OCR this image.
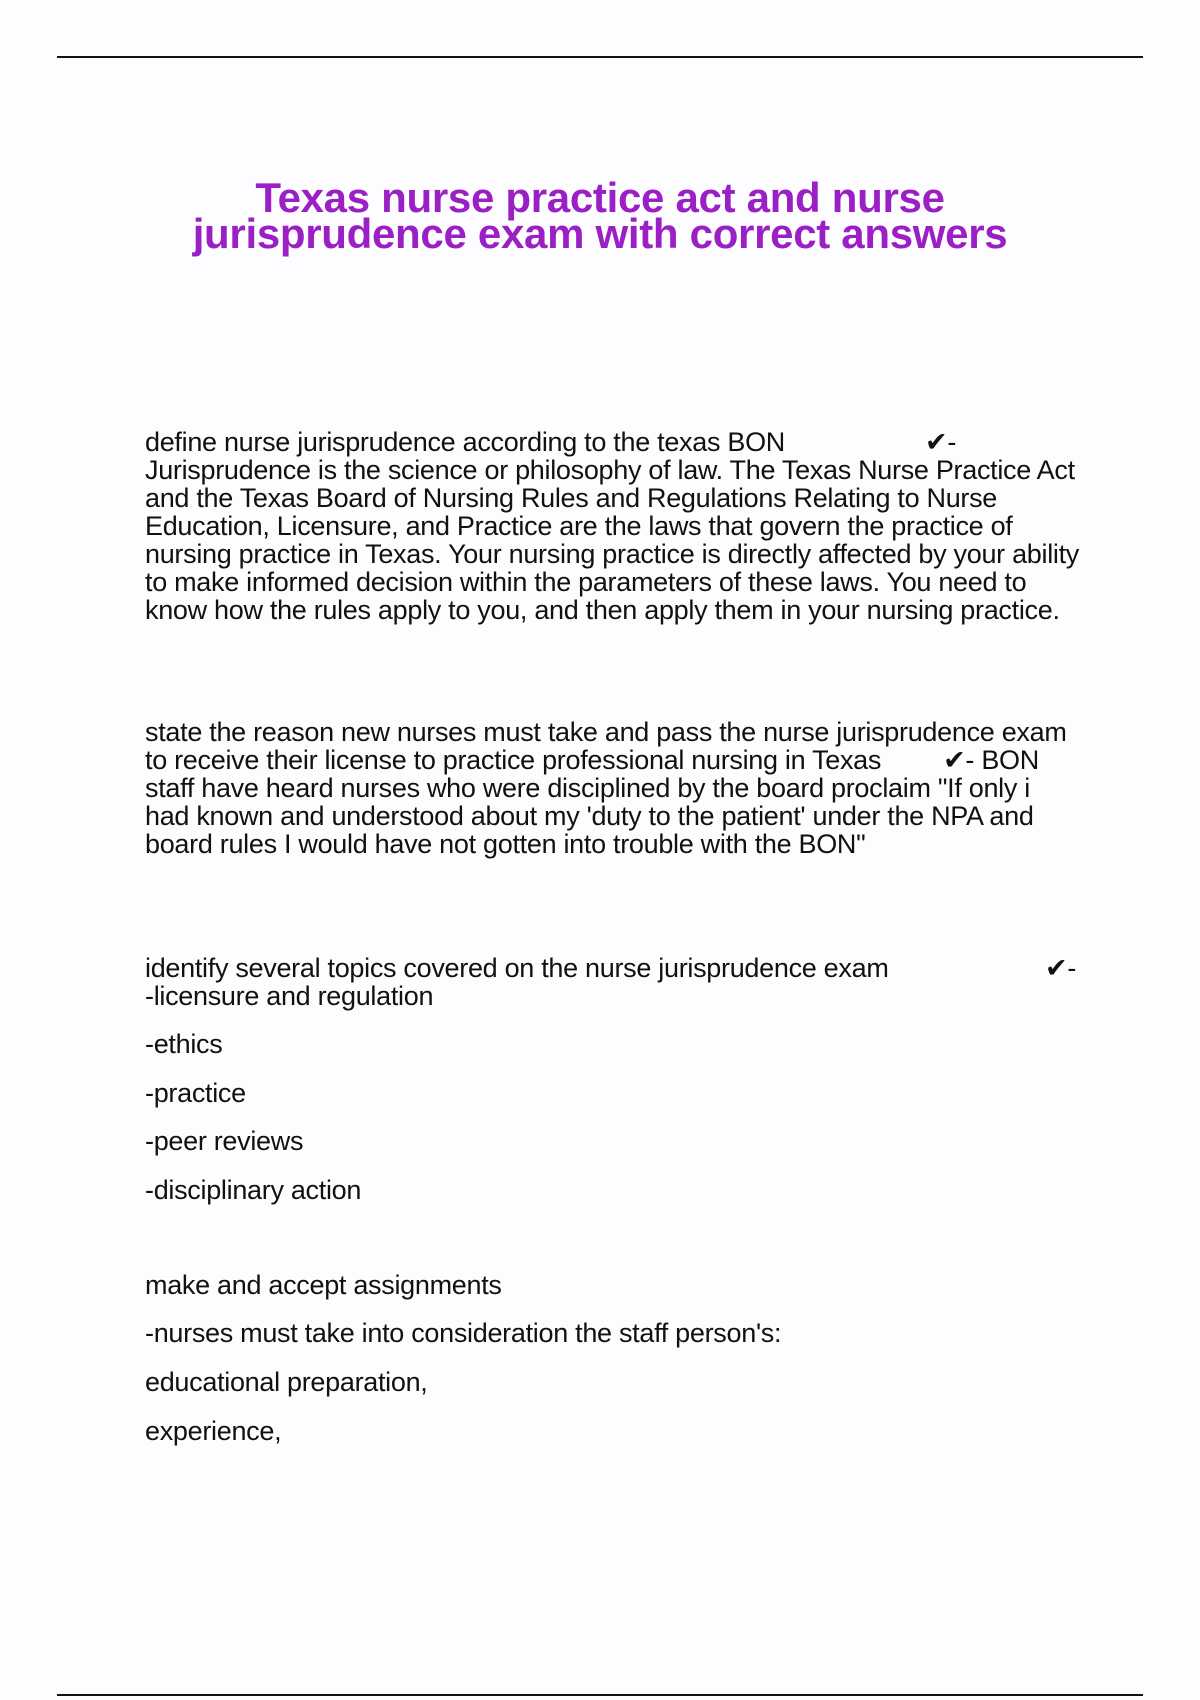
Texas nurse practice act and nurse
jurisprudence exam with correct answers
define nurse jurisprudence according to the texas BON	✔-
Jurisprudence is the science or philosophy of law. The Texas Nurse Practice Act and the Texas Board of Nursing Rules and Regulations Relating to Nurse Education, Licensure, and Practice are the laws that govern the practice of nursing practice in Texas. Your nursing practice is directly affected by your ability to make informed decision within the parameters of these laws. You need to know how the rules apply to you, and then apply them in your nursing practice.
state the reason new nurses must take and pass the nurse jurisprudence exam to receive their license to practice professional nursing in Texas ✔- BON staff have heard nurses who were disciplined by the board proclaim "If only i had known and understood about my 'duty to the patient' under the NPA and board rules I would have not gotten into trouble with the BON"
identify several topics covered on the nurse jurisprudence exam	✔-
-licensure and regulation
-ethics
-practice
-peer reviews
-disciplinary action
make and accept assignments
-nurses must take into consideration the staff person's:
educational preparation,
experience,
